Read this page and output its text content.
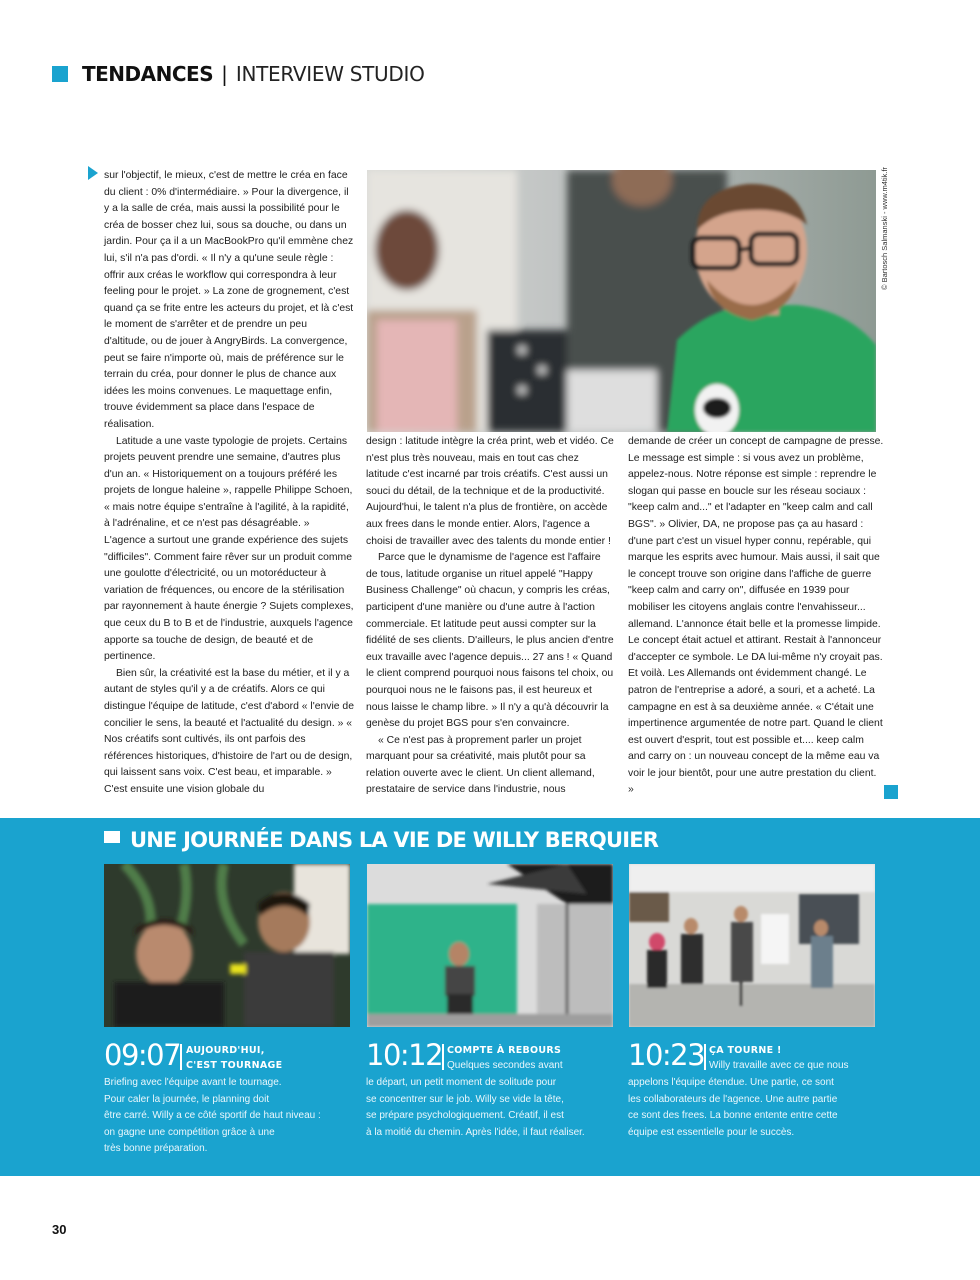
TENDANCES | INTERVIEW STUDIO

sur l'objectif, le mieux, c'est de mettre le créa en face du client : 0% d'intermédiaire. » Pour la divergence, il y a la salle de créa, mais aussi la possibilité pour le créa de bosser chez lui, sous sa douche, ou dans un jardin. Pour ça il a un MacBookPro qu'il emmène chez lui, s'il n'a pas d'ordi. « Il n'y a qu'une seule règle : offrir aux créas le workflow qui correspondra à leur feeling pour le projet. » La zone de grognement, c'est quand ça se frite entre les acteurs du projet, et là c'est le moment de s'arrêter et de prendre un peu d'altitude, ou de jouer à AngryBirds. La convergence, peut se faire n'importe où, mais de préférence sur le terrain du créa, pour donner le plus de chance aux idées les moins convenues. Le maquettage enfin, trouve évidemment sa place dans l'espace de réalisation.

Latitude a une vaste typologie de projets. Certains projets peuvent prendre une semaine, d'autres plus d'un an. « Historiquement on a toujours préféré les projets de longue haleine », rappelle Philippe Schoen, « mais notre équipe s'entraîne à l'agilité, à la rapidité, à l'adrénaline, et ce n'est pas désagréable. » L'agence a surtout une grande expérience des sujets "difficiles". Comment faire rêver sur un produit comme une goulotte d'électricité, ou un motoréducteur à variation de fréquences, ou encore de la stérilisation par rayonnement à haute énergie ? Sujets complexes, que ceux du B to B et de l'industrie, auxquels l'agence apporte sa touche de design, de beauté et de pertinence.

Bien sûr, la créativité est la base du métier, et il y a autant de styles qu'il y a de créatifs. Alors ce qui distingue l'équipe de latitude, c'est d'abord « l'envie de concilier le sens, la beauté et l'actualité du design. » « Nos créatifs sont cultivés, ils ont parfois des références historiques, d'histoire de l'art ou de design, qui laissent sans voix. C'est beau, et imparable. » C'est ensuite une vision globale du

© Bartosch Salmanski - www.m4tik.fr

design : latitude intègre la créa print, web et vidéo. Ce n'est plus très nouveau, mais en tout cas chez latitude c'est incarné par trois créatifs. C'est aussi un souci du détail, de la technique et de la productivité. Aujourd'hui, le talent n'a plus de frontière, on accède aux frees dans le monde entier. Alors, l'agence a choisi de travailler avec des talents du monde entier !

Parce que le dynamisme de l'agence est l'affaire de tous, latitude organise un rituel appelé "Happy Business Challenge" où chacun, y compris les créas, participent d'une manière ou d'une autre à l'action commerciale. Et latitude peut aussi compter sur la fidélité de ses clients. D'ailleurs, le plus ancien d'entre eux travaille avec l'agence depuis... 27 ans ! « Quand le client comprend pourquoi nous faisons tel choix, ou pourquoi nous ne le faisons pas, il est heureux et nous laisse le champ libre. » Il n'y a qu'à découvrir la genèse du projet BGS pour s'en convaincre.

« Ce n'est pas à proprement parler un projet marquant pour sa créativité, mais plutôt pour sa relation ouverte avec le client. Un client allemand, prestataire de service dans l'industrie, nous

demande de créer un concept de campagne de presse. Le message est simple : si vous avez un problème, appelez-nous. Notre réponse est simple : reprendre le slogan qui passe en boucle sur les réseau sociaux : "keep calm and..." et l'adapter en "keep calm and call BGS". » Olivier, DA, ne propose pas ça au hasard : d'une part c'est un visuel hyper connu, repérable, qui marque les esprits avec humour. Mais aussi, il sait que le concept trouve son origine dans l'affiche de guerre "keep calm and carry on", diffusée en 1939 pour mobiliser les citoyens anglais contre l'envahisseur... allemand. L'annonce était belle et la promesse limpide. Le concept était actuel et attirant. Restait à l'annonceur d'accepter ce symbole. Le DA lui-même n'y croyait pas. Et voilà. Les Allemands ont évidemment changé. Le patron de l'entreprise a adoré, a souri, et a acheté. La campagne en est à sa deuxième année. « C'était une impertinence argumentée de notre part. Quand le client est ouvert d'esprit, tout est possible et.... keep calm and carry on : un nouveau concept de la même eau va voir le jour bientôt, pour une autre prestation du client. »

UNE JOURNÉE DANS LA VIE DE WILLY BERQUIER
09:07 AUJOURD'HUI,
C'EST TOURNAGE
Briefing avec l'équipe avant le tournage.
Pour caler la journée, le planning doit
être carré. Willy a ce côté sportif de haut niveau :
on gagne une compétition grâce à une
très bonne préparation.
10:12 COMPTE À REBOURS
Quelques secondes avant
le départ, un petit moment de solitude pour
se concentrer sur le job. Willy se vide la tête,
se prépare psychologiquement. Créatif, il est
à la moitié du chemin. Après l'idée, il faut réaliser.
10:23 ÇA TOURNE !
Willy travaille avec ce que nous
appelons l'équipe étendue. Une partie, ce sont
les collaborateurs de l'agence. Une autre partie
ce sont des frees. La bonne entente entre cette
équipe est essentielle pour le succès.
30
